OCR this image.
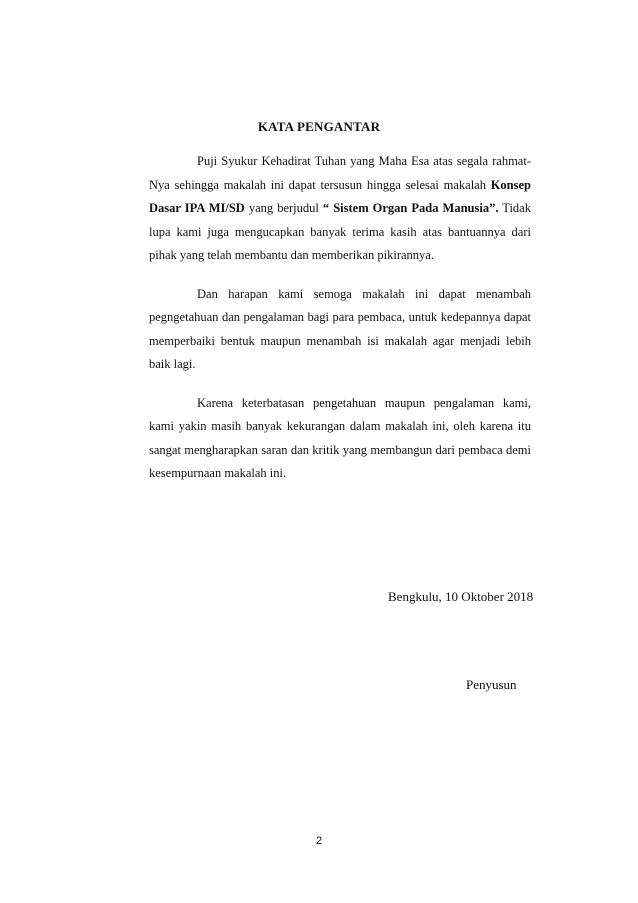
KATA PENGANTAR

Puji Syukur Kehadirat Tuhan yang Maha Esa atas segala rahmat-Nya sehingga makalah ini dapat tersusun hingga selesai makalah Konsep Dasar IPA MI/SD yang berjudul “ Sistem Organ Pada Manusia”. Tidak lupa kami juga mengucapkan banyak terima kasih atas bantuannya dari pihak yang telah membantu dan memberikan pikirannya.

Dan harapan kami semoga makalah ini dapat menambah pegngetahuan dan pengalaman bagi para pembaca, untuk kedepannya dapat memperbaiki bentuk maupun menambah isi makalah agar menjadi lebih baik lagi.

Karena keterbatasan pengetahuan maupun pengalaman kami, kami yakin masih banyak kekurangan dalam makalah ini, oleh karena itu sangat mengharapkan saran dan kritik yang membangun dari pembaca demi kesempurnaan makalah ini.

Bengkulu, 10 Oktober 2018
Penyusun
2
